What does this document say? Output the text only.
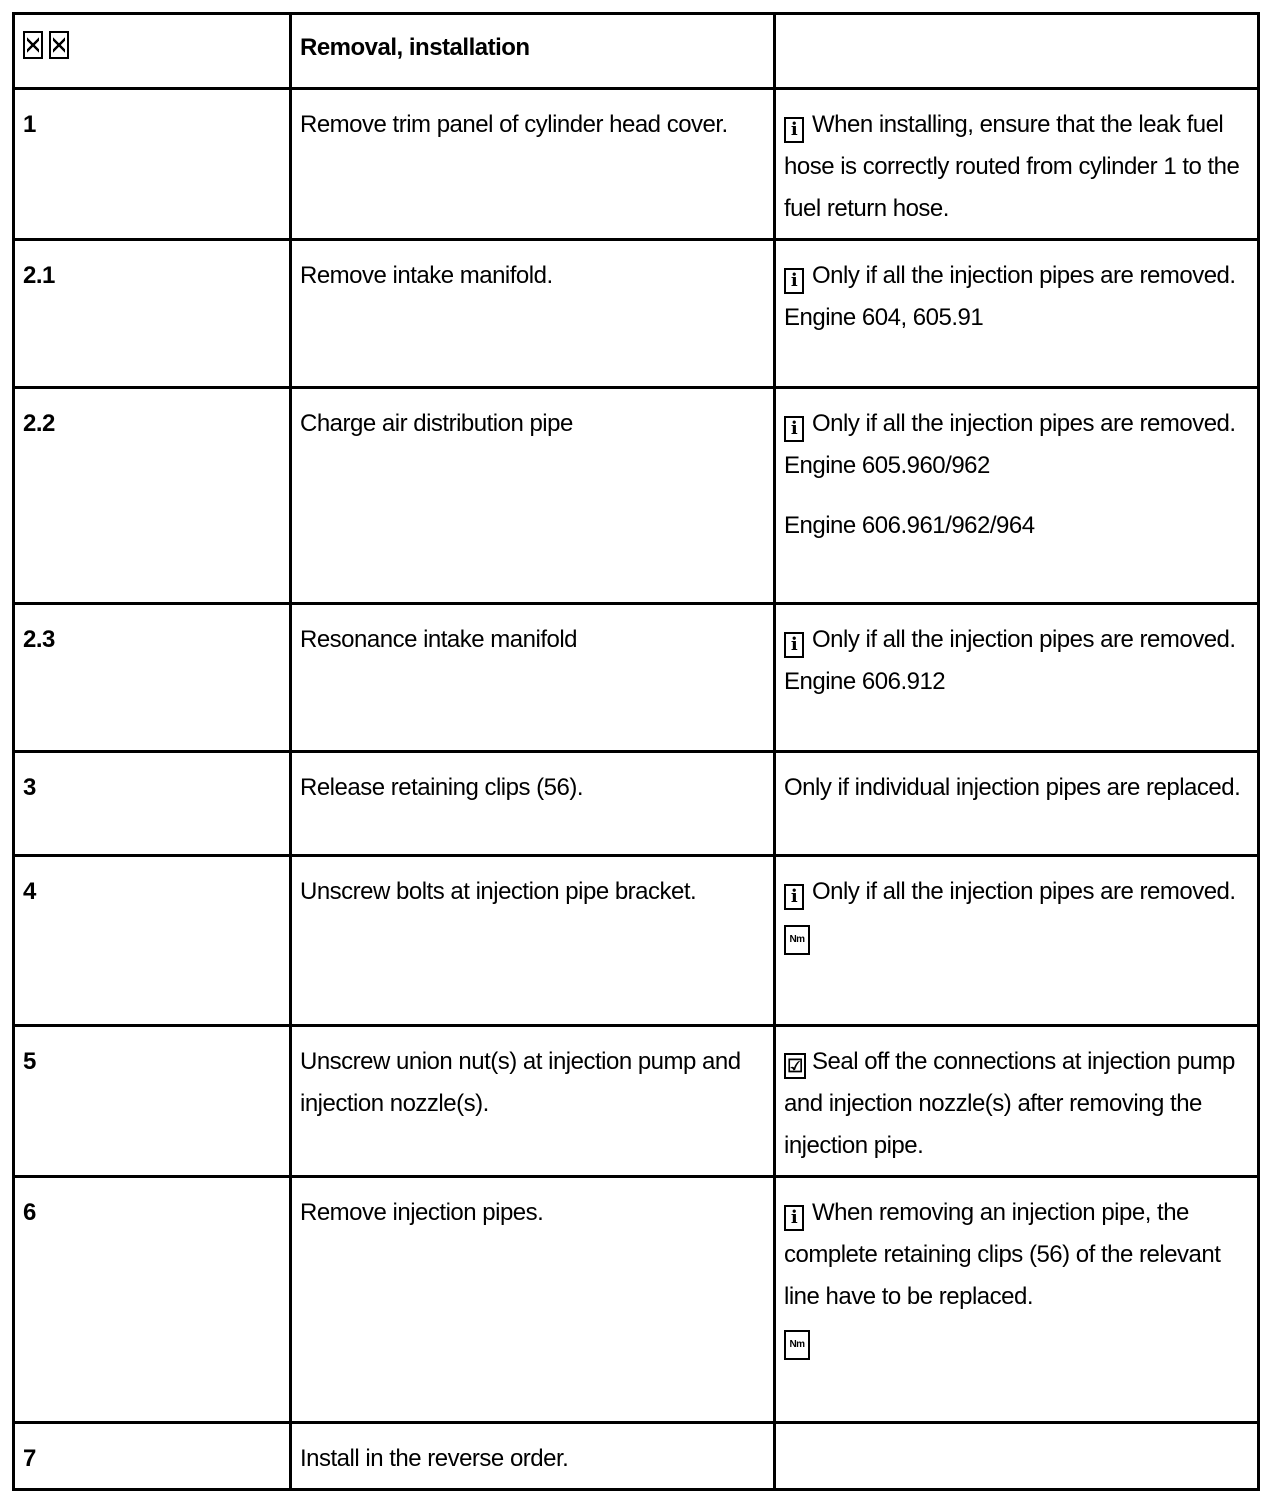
	Removal, installation	
1	Remove trim panel of cylinder head cover.	i When installing, ensure that the leak fuel hose is correctly routed from cylinder 1 to the fuel return hose.
2.1	Remove intake manifold.	i Only if all the injection pipes are removed.
Engine 604, 605.91

2.2	Charge air distribution pipe	i Only if all the injection pipes are removed.
Engine 605.960/962
Engine 606.961/962/964

2.3	Resonance intake manifold	i Only if all the injection pipes are removed.
Engine 606.912

3	Release retaining clips (56).	Only if individual injection pipes are replaced.
4	Unscrew bolts at injection pipe bracket.	i Only if all the injection pipes are removed.
Nm

5	Unscrew union nut(s) at injection pump and injection nozzle(s).	☑ Seal off the connections at injection pump and injection nozzle(s) after removing the injection pipe.
6	Remove injection pipes.	i When removing an injection pipe, the complete retaining clips (56) of the relevant line have to be replaced.
Nm

7	Install in the reverse order.	
